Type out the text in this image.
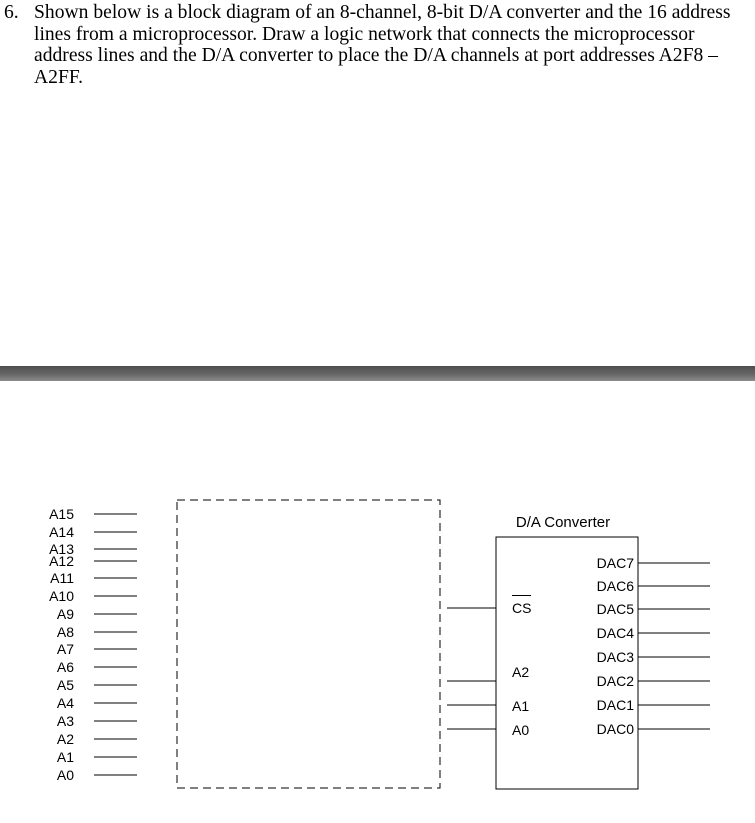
6. Shown below is a block diagram of an 8-channel, 8-bit D/A converter and the 16 address lines from a microprocessor. Draw a logic network that connects the microprocessor address lines and the D/A converter to place the D/A channels at port addresses A2F8 – A2FF.
A15
A14
A13
A12
A11
A10
A9
A8
A7
A6
A5
A4
A3
A2
A1
A0
D/A Converter
CS
A2
A1
A0
DAC7
DAC6
DAC5
DAC4
DAC3
DAC2
DAC1
DAC0
